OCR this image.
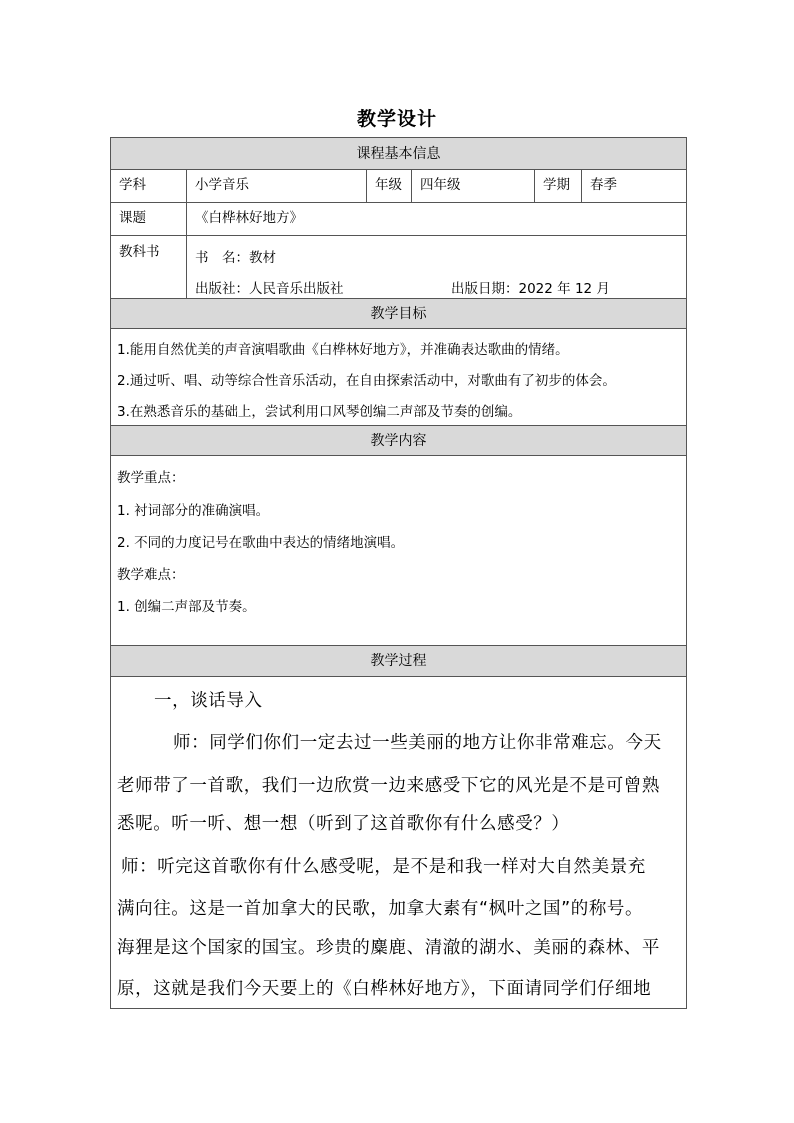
教学设计
课程基本信息
学科	小学音乐	年级	四年级	学期	春季
课题	《白桦林好地方》
教科书	书　名：教材
出版社：人民音乐出版社	出版日期：2022 年 12 月
教学目标
1.能用自然优美的声音演唱歌曲《白桦林好地方》，并准确表达歌曲的情绪。
2.通过听、唱、动等综合性音乐活动，在自由探索活动中，对歌曲有了初步的体会。
3.在熟悉音乐的基础上，尝试利用口风琴创编二声部及节奏的创编。
教学内容
教学重点：
1. 衬词部分的准确演唱。
2. 不同的力度记号在歌曲中表达的情绪地演唱。
教学难点：
1. 创编二声部及节奏。
教学过程
一，谈话导入
师：同学们你们一定去过一些美丽的地方让你非常难忘。今天
老师带了一首歌，我们一边欣赏一边来感受下它的风光是不是可曾熟
悉呢。听一听、想一想（听到了这首歌你有什么感受？）
师：听完这首歌你有什么感受呢，是不是和我一样对大自然美景充
满向往。这是一首加拿大的民歌，加拿大素有“枫叶之国”的称号。
海狸是这个国家的国宝。珍贵的麋鹿、清澈的湖水、美丽的森林、平
原，这就是我们今天要上的《白桦林好地方》，下面请同学们仔细地
